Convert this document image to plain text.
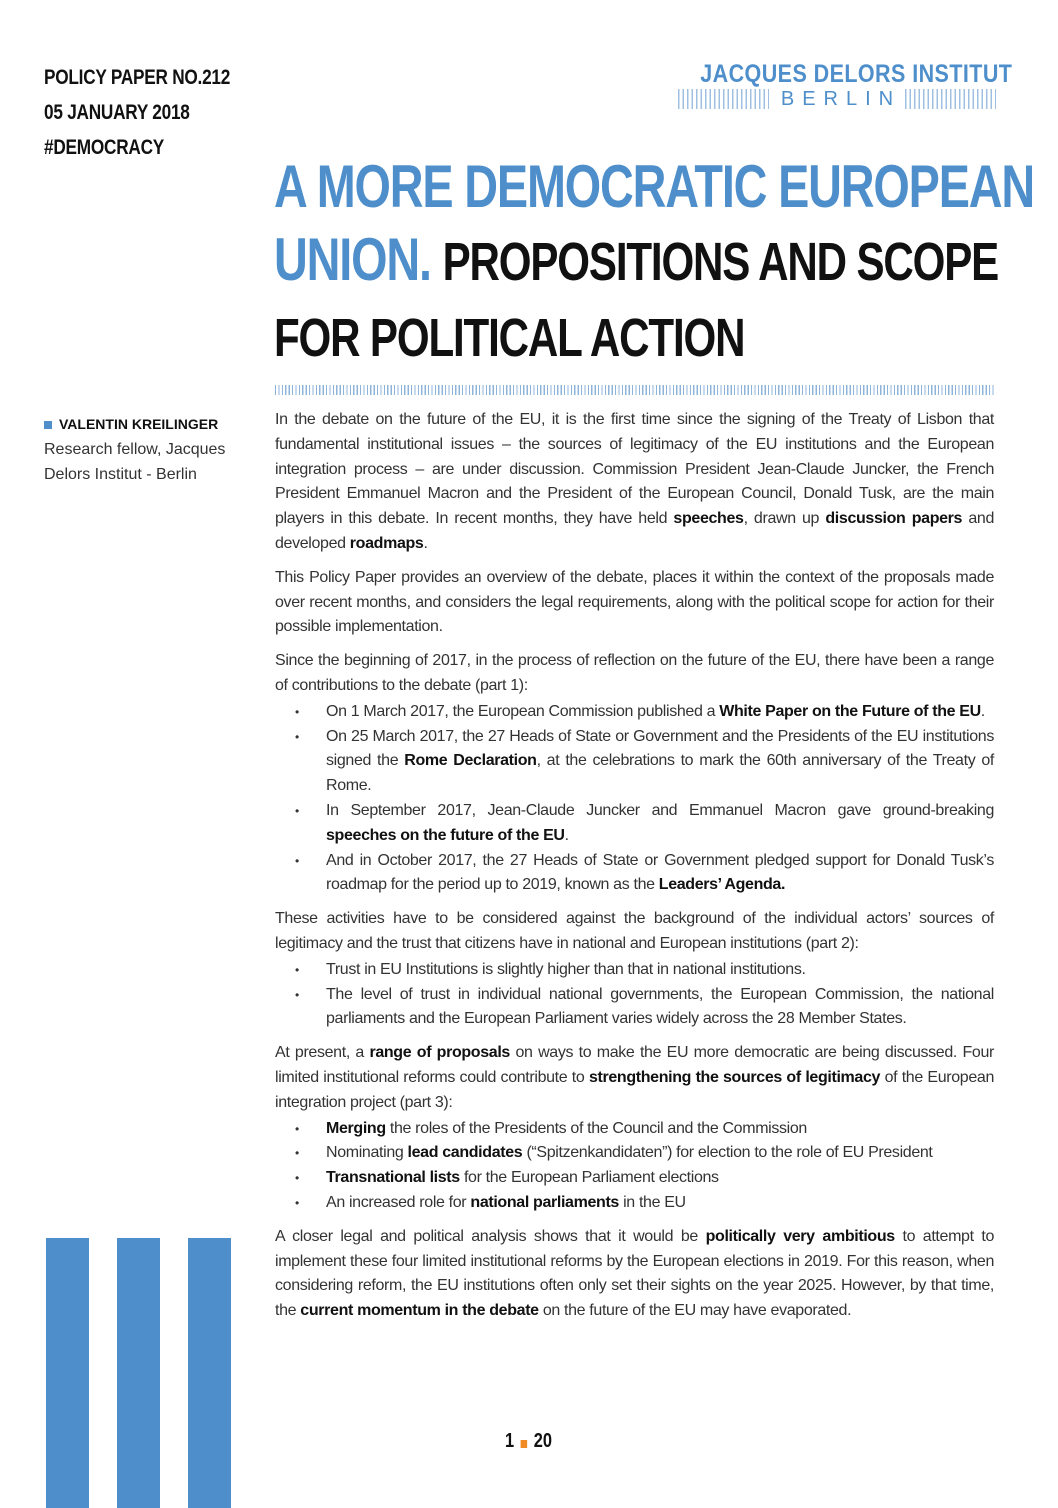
POLICY PAPER NO.212
05 JANUARY 2018
#DEMOCRACY
JACQUES DELORS INSTITUT
BERLIN
A MORE DEMOCRATIC EUROPEAN
UNION. PROPOSITIONS AND SCOPE
FOR POLITICAL ACTION
VALENTIN KREILINGER
Research fellow, Jacques Delors Institut - Berlin

In the debate on the future of the EU, it is the first time since the signing of the Treaty of Lisbon that fundamental institutional issues – the sources of legitimacy of the EU institutions and the European integration process – are under discussion. Commission President Jean-Claude Juncker, the French President Emmanuel Macron and the President of the European Council, Donald Tusk, are the main players in this debate. In recent months, they have held speeches, drawn up discussion papers and developed roadmaps.

This Policy Paper provides an overview of the debate, places it within the context of the proposals made over recent months, and considers the legal requirements, along with the political scope for action for their possible implementation.

Since the beginning of 2017, in the process of reflection on the future of the EU, there have been a range of contributions to the debate (part 1):

• On 1 March 2017, the European Commission published a White Paper on the Future of the EU.
• On 25 March 2017, the 27 Heads of State or Government and the Presidents of the EU institutions signed the Rome Declaration, at the celebrations to mark the 60th anniversary of the Treaty of Rome.
• In September 2017, Jean-Claude Juncker and Emmanuel Macron gave ground-breaking speeches on the future of the EU.
• And in October 2017, the 27 Heads of State or Government pledged support for Donald Tusk’s roadmap for the period up to 2019, known as the Leaders’ Agenda.

These activities have to be considered against the background of the individual actors’ sources of legitimacy and the trust that citizens have in national and European institutions (part 2):

• Trust in EU Institutions is slightly higher than that in national institutions.
• The level of trust in individual national governments, the European Commission, the national parliaments and the European Parliament varies widely across the 28 Member States.

At present, a range of proposals on ways to make the EU more democratic are being discussed. Four limited institutional reforms could contribute to strengthening the sources of legitimacy of the European integration project (part 3):

• Merging the roles of the Presidents of the Council and the Commission
• Nominating lead candidates (“Spitzenkandidaten”) for election to the role of EU President
• Transnational lists for the European Parliament elections
• An increased role for national parliaments in the EU

A closer legal and political analysis shows that it would be politically very ambitious to attempt to implement these four limited institutional reforms by the European elections in 2019. For this reason, when considering reform, the EU institutions often only set their sights on the year 2025. However, by that time, the current momentum in the debate on the future of the EU may have evaporated.

1 20
